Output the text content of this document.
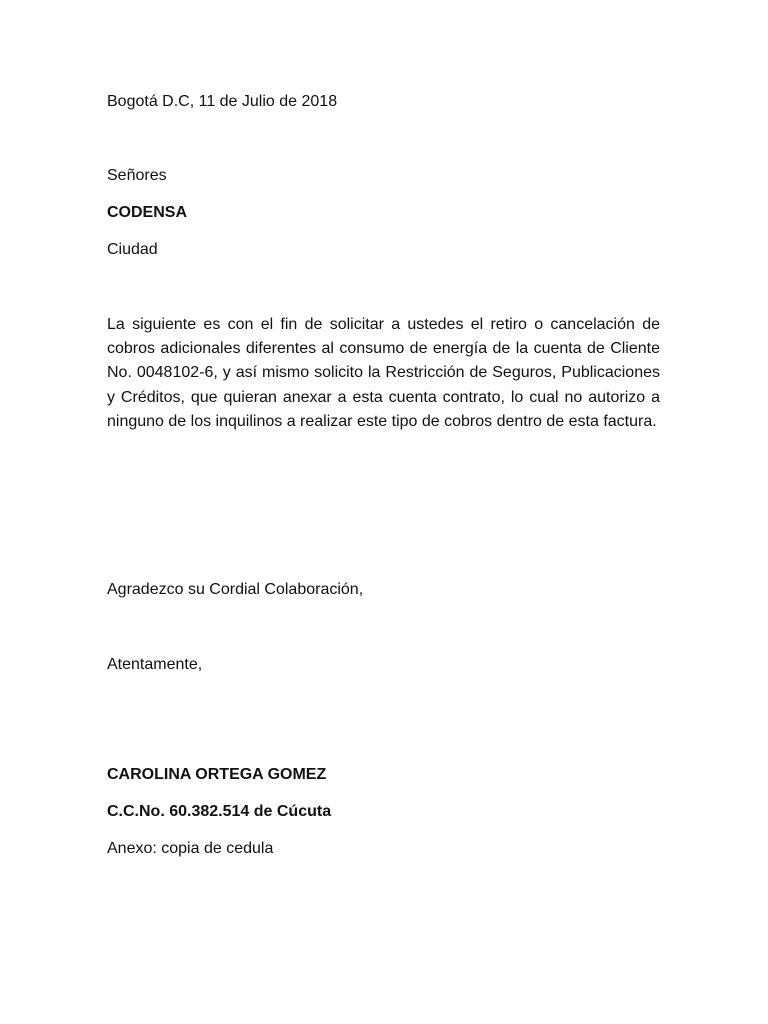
Bogotá D.C, 11 de Julio de 2018
Señores
CODENSA
Ciudad
La siguiente es con el fin de solicitar a ustedes el retiro o cancelación de cobros adicionales diferentes al consumo de energía de la cuenta de Cliente No. 0048102-6, y así mismo solicito la Restricción de Seguros, Publicaciones y Créditos, que quieran anexar a esta cuenta contrato, lo cual no autorizo a ninguno de los inquilinos a realizar este tipo de cobros dentro de esta factura.
Agradezco su Cordial Colaboración,
Atentamente,
CAROLINA ORTEGA GOMEZ
C.C.No. 60.382.514 de Cúcuta
Anexo: copia de cedula
